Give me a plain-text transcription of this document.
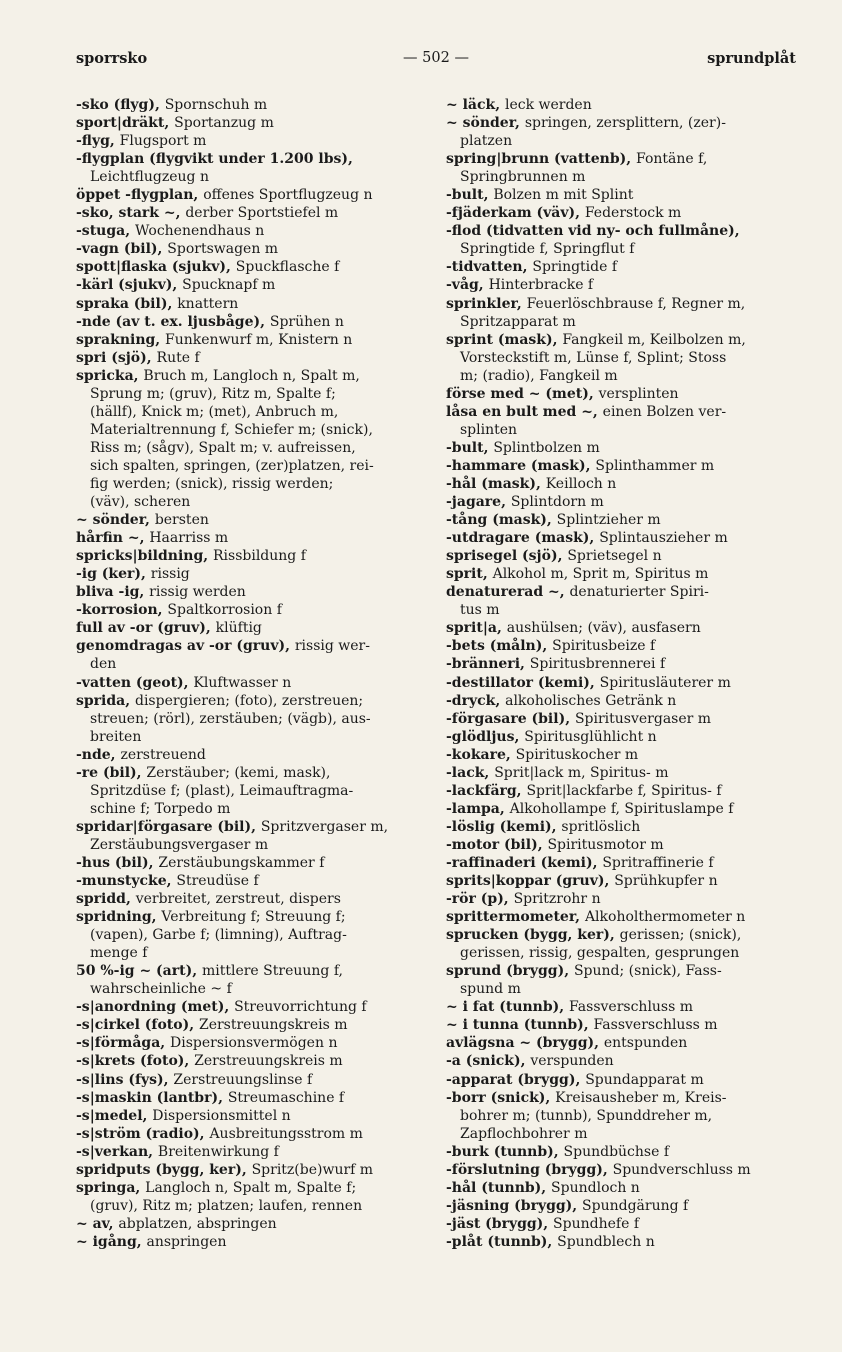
sporrsko	— 502 —	sprundplåt
-sko (flyg), Spornschuh m
sport|dräkt, Sportanzug m
-flyg, Flugsport m
-flygplan (flygvikt under 1.200 lbs),
Leichtflugzeug n
öppet -flygplan, offenes Sportflugzeug n
-sko, stark ~, derber Sportstiefel m
-stuga, Wochenendhaus n
-vagn (bil), Sportswagen m
spott|flaska (sjukv), Spuckflasche f
-kärl (sjukv), Spucknapf m
spraka (bil), knattern
-nde (av t. ex. ljusbåge), Sprühen n
sprakning, Funkenwurf m, Knistern n
spri (sjö), Rute f
spricka, Bruch m, Langloch n, Spalt m,
Sprung m; (gruv), Ritz m, Spalte f;
(hällf), Knick m; (met), Anbruch m,
Materialtrennung f, Schiefer m; (snick),
Riss m; (sågv), Spalt m; v. aufreissen,
sich spalten, springen, (zer)platzen, rei-
fig werden; (snick), rissig werden;
(väv), scheren
~ sönder, bersten
hårfin ~, Haarriss m
spricks|bildning, Rissbildung f
-ig (ker), rissig
bliva -ig, rissig werden
-korrosion, Spaltkorrosion f
full av -or (gruv), klüftig
genomdragas av -or (gruv), rissig wer-
den
-vatten (geot), Kluftwasser n
sprida, dispergieren; (foto), zerstreuen;
streuen; (rörl), zerstäuben; (vägb), aus-
breiten
-nde, zerstreuend
-re (bil), Zerstäuber; (kemi, mask),
Spritzdüse f; (plast), Leimauftragma-
schine f; Torpedo m
spridar|förgasare (bil), Spritzvergaser m,
Zerstäubungsvergaser m
-hus (bil), Zerstäubungskammer f
-munstycke, Streudüse f
spridd, verbreitet, zerstreut, dispers
spridning, Verbreitung f; Streuung f;
(vapen), Garbe f; (limning), Auftrag-
menge f
50 %-ig ~ (art), mittlere Streuung f,
wahrscheinliche ~ f
-s|anordning (met), Streuvorrichtung f
-s|cirkel (foto), Zerstreuungskreis m
-s|förmåga, Dispersionsvermögen n
-s|krets (foto), Zerstreuungskreis m
-s|lins (fys), Zerstreuungslinse f
-s|maskin (lantbr), Streumaschine f
-s|medel, Dispersionsmittel n
-s|ström (radio), Ausbreitungsstrom m
-s|verkan, Breitenwirkung f
spridputs (bygg, ker), Spritz(be)wurf m
springa, Langloch n, Spalt m, Spalte f;
(gruv), Ritz m; platzen; laufen, rennen
~ av, abplatzen, abspringen
~ igång, anspringen
~ läck, leck werden
~ sönder, springen, zersplittern, (zer)-
platzen
spring|brunn (vattenb), Fontäne f,
Springbrunnen m
-bult, Bolzen m mit Splint
-fjäderkam (väv), Federstock m
-flod (tidvatten vid ny- och fullmåne),
Springtide f, Springflut f
-tidvatten, Springtide f
-våg, Hinterbracke f
sprinkler, Feuerlöschbrause f, Regner m,
Spritzapparat m
sprint (mask), Fangkeil m, Keilbolzen m,
Vorsteckstift m, Lünse f, Splint; Stoss
m; (radio), Fangkeil m
förse med ~ (met), versplinten
låsa en bult med ~, einen Bolzen ver-
splinten
-bult, Splintbolzen m
-hammare (mask), Splinthammer m
-hål (mask), Keilloch n
-jagare, Splintdorn m
-tång (mask), Splintzieher m
-utdragare (mask), Splintauszieher m
sprisegel (sjö), Sprietsegel n
sprit, Alkohol m, Sprit m, Spiritus m
denaturerad ~, denaturierter Spiri-
tus m
sprit|a, aushülsen; (väv), ausfasern
-bets (måln), Spiritusbeize f
-bränneri, Spiritusbrennerei f
-destillator (kemi), Spiritusläuterer m
-dryck, alkoholisches Getränk n
-förgasare (bil), Spiritusvergaser m
-glödljus, Spiritusglühlicht n
-kokare, Spirituskocher m
-lack, Sprit|lack m, Spiritus- m
-lackfärg, Sprit|lackfarbe f, Spiritus- f
-lampa, Alkohollampe f, Spirituslampe f
-löslig (kemi), spritlöslich
-motor (bil), Spiritusmotor m
-raffinaderi (kemi), Spritraffinerie f
sprits|koppar (gruv), Sprühkupfer n
-rör (p), Spritzrohr n
sprittermometer, Alkoholthermometer n
sprucken (bygg, ker), gerissen; (snick),
gerissen, rissig, gespalten, gesprungen
sprund (brygg), Spund; (snick), Fass-
spund m
~ i fat (tunnb), Fassverschluss m
~ i tunna (tunnb), Fassverschluss m
avlägsna ~ (brygg), entspunden
-a (snick), verspunden
-apparat (brygg), Spundapparat m
-borr (snick), Kreisausheber m, Kreis-
bohrer m; (tunnb), Spunddreher m,
Zapflochbohrer m
-burk (tunnb), Spundbüchse f
-förslutning (brygg), Spundverschluss m
-hål (tunnb), Spundloch n
-jäsning (brygg), Spundgärung f
-jäst (brygg), Spundhefe f
-plåt (tunnb), Spundblech n
